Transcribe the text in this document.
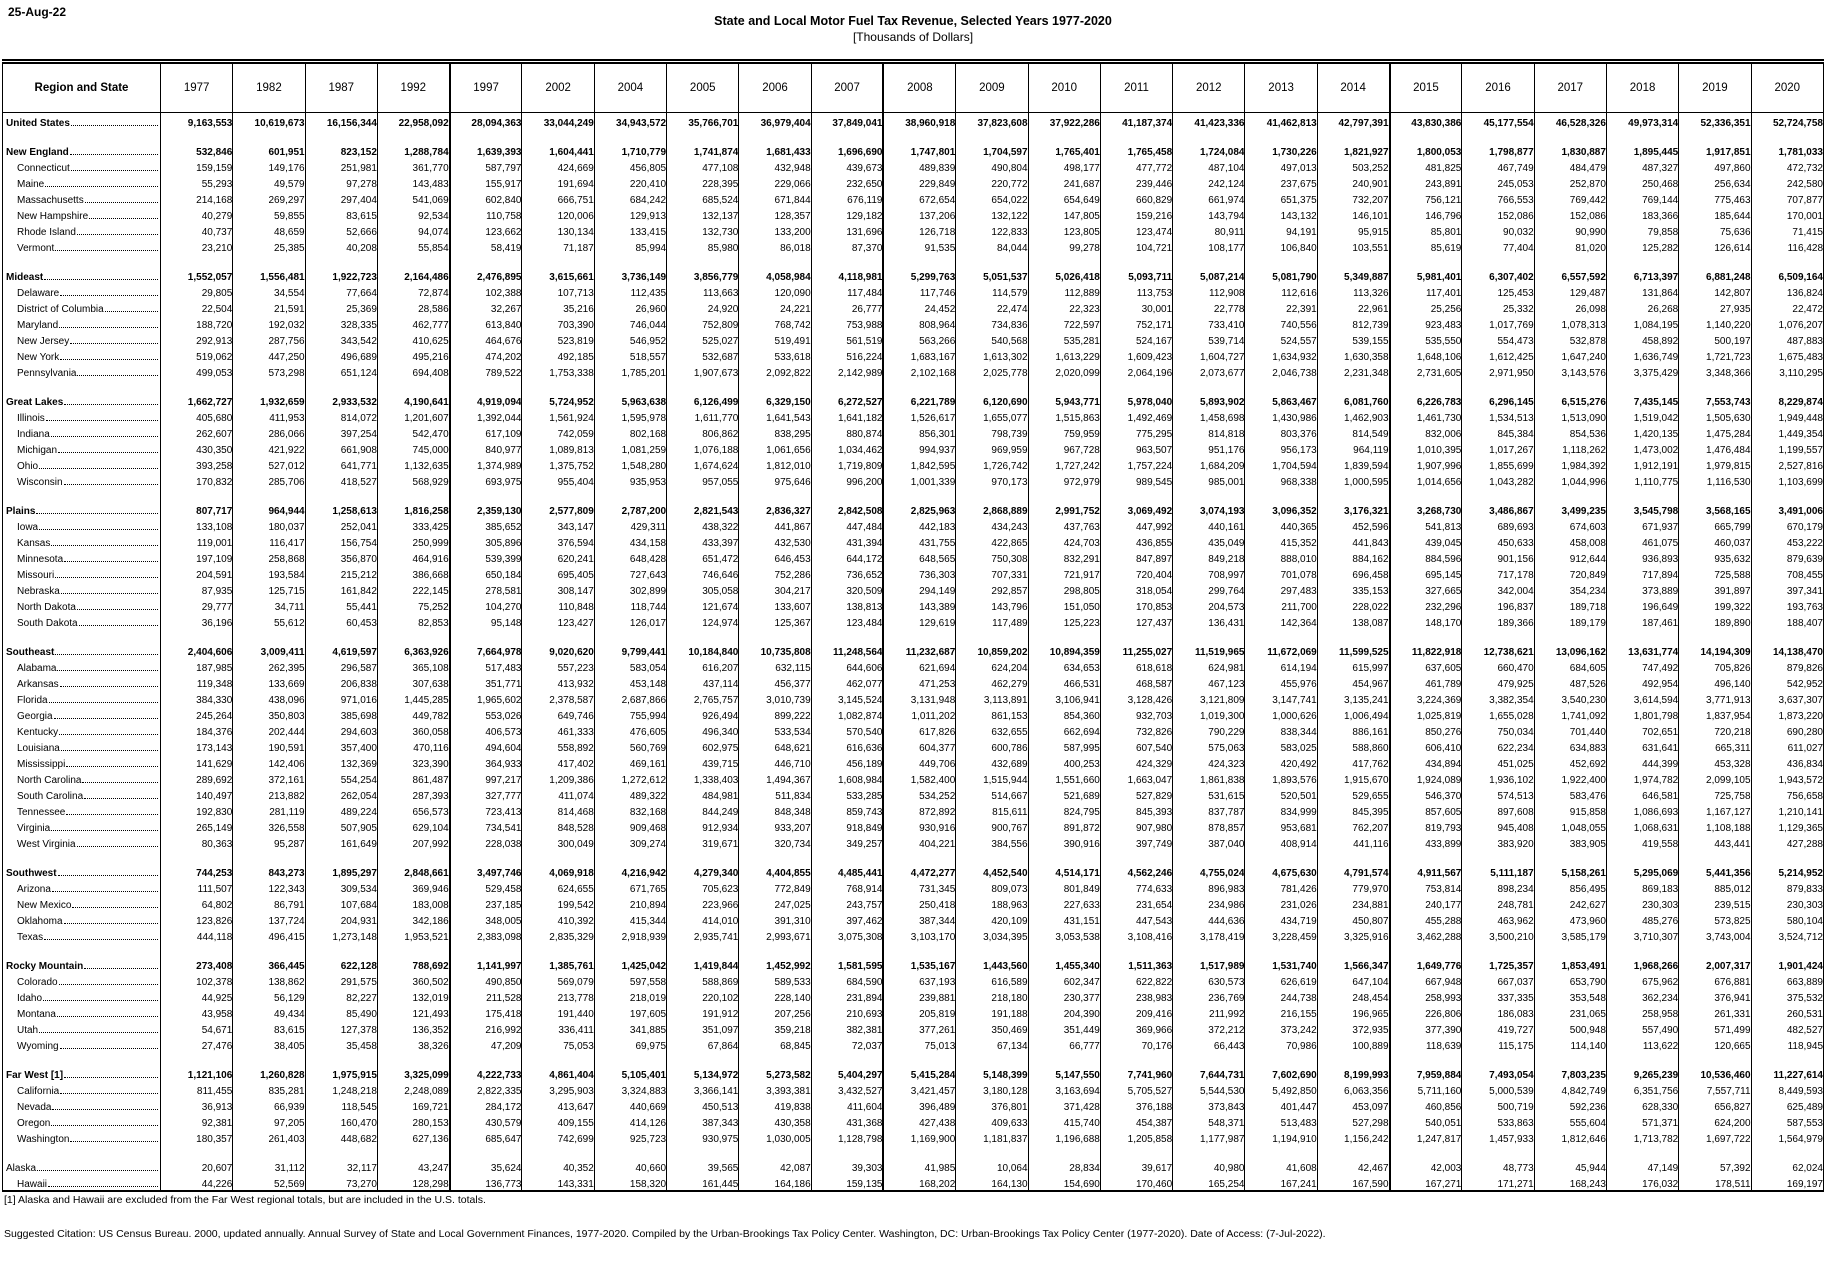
25-Aug-22
State and Local Motor Fuel Tax Revenue, Selected Years 1977-2020
[Thousands of Dollars]
Region and State	1977	1982	1987	1992	1997	2002	2004	2005	2006	2007	2008	2009	2010	2011	2012	2013	2014	2015	2016	2017	2018	2019	2020

United States	9,163,553	10,619,673	16,156,344	22,958,092	28,094,363	33,044,249	34,943,572	35,766,701	36,979,404	37,849,041	38,960,918	37,823,608	37,922,286	41,187,374	41,423,336	41,462,813	42,797,391	43,830,386	45,177,554	46,528,326	49,973,314	52,336,351	52,724,758

New England	532,846	601,951	823,152	1,288,784	1,639,393	1,604,441	1,710,779	1,741,874	1,681,433	1,696,690	1,747,801	1,704,597	1,765,401	1,765,458	1,724,084	1,730,226	1,821,927	1,800,053	1,798,877	1,830,887	1,895,445	1,917,851	1,781,033

Connecticut	159,159	149,176	251,981	361,770	587,797	424,669	456,805	477,108	432,948	439,673	489,839	490,804	498,177	477,772	487,104	497,013	503,252	481,825	467,749	484,479	487,327	497,860	472,732

Maine	55,293	49,579	97,278	143,483	155,917	191,694	220,410	228,395	229,066	232,650	229,849	220,772	241,687	239,446	242,124	237,675	240,901	243,891	245,053	252,870	250,468	256,634	242,580

Massachusetts	214,168	269,297	297,404	541,069	602,840	666,751	684,242	685,524	671,844	676,119	672,654	654,022	654,649	660,829	661,974	651,375	732,207	756,121	766,553	769,442	769,144	775,463	707,877

New Hampshire	40,279	59,855	83,615	92,534	110,758	120,006	129,913	132,137	128,357	129,182	137,206	132,122	147,805	159,216	143,794	143,132	146,101	146,796	152,086	152,086	183,366	185,644	170,001

Rhode Island	40,737	48,659	52,666	94,074	123,662	130,134	133,415	132,730	133,200	131,696	126,718	122,833	123,805	123,474	80,911	94,191	95,915	85,801	90,032	90,990	79,858	75,636	71,415

Vermont	23,210	25,385	40,208	55,854	58,419	71,187	85,994	85,980	86,018	87,370	91,535	84,044	99,278	104,721	108,177	106,840	103,551	85,619	77,404	81,020	125,282	126,614	116,428

Mideast	1,552,057	1,556,481	1,922,723	2,164,486	2,476,895	3,615,661	3,736,149	3,856,779	4,058,984	4,118,981	5,299,763	5,051,537	5,026,418	5,093,711	5,087,214	5,081,790	5,349,887	5,981,401	6,307,402	6,557,592	6,713,397	6,881,248	6,509,164

Delaware	29,805	34,554	77,664	72,874	102,388	107,713	112,435	113,663	120,090	117,484	117,746	114,579	112,889	113,753	112,908	112,616	113,326	117,401	125,453	129,487	131,864	142,807	136,824

District of Columbia	22,504	21,591	25,369	28,586	32,267	35,216	26,960	24,920	24,221	26,777	24,452	22,474	22,323	30,001	22,778	22,391	22,961	25,256	25,332	26,098	26,268	27,935	22,472

Maryland	188,720	192,032	328,335	462,777	613,840	703,390	746,044	752,809	768,742	753,988	808,964	734,836	722,597	752,171	733,410	740,556	812,739	923,483	1,017,769	1,078,313	1,084,195	1,140,220	1,076,207

New Jersey	292,913	287,756	343,542	410,625	464,676	523,819	546,952	525,027	519,491	561,519	563,266	540,568	535,281	524,167	539,714	524,557	539,155	535,550	554,473	532,878	458,892	500,197	487,883

New York	519,062	447,250	496,689	495,216	474,202	492,185	518,557	532,687	533,618	516,224	1,683,167	1,613,302	1,613,229	1,609,423	1,604,727	1,634,932	1,630,358	1,648,106	1,612,425	1,647,240	1,636,749	1,721,723	1,675,483

Pennsylvania	499,053	573,298	651,124	694,408	789,522	1,753,338	1,785,201	1,907,673	2,092,822	2,142,989	2,102,168	2,025,778	2,020,099	2,064,196	2,073,677	2,046,738	2,231,348	2,731,605	2,971,950	3,143,576	3,375,429	3,348,366	3,110,295

Great Lakes	1,662,727	1,932,659	2,933,532	4,190,641	4,919,094	5,724,952	5,963,638	6,126,499	6,329,150	6,272,527	6,221,789	6,120,690	5,943,771	5,978,040	5,893,902	5,863,467	6,081,760	6,226,783	6,296,145	6,515,276	7,435,145	7,553,743	8,229,874

Illinois	405,680	411,953	814,072	1,201,607	1,392,044	1,561,924	1,595,978	1,611,770	1,641,543	1,641,182	1,526,617	1,655,077	1,515,863	1,492,469	1,458,698	1,430,986	1,462,903	1,461,730	1,534,513	1,513,090	1,519,042	1,505,630	1,949,448

Indiana	262,607	286,066	397,254	542,470	617,109	742,059	802,168	806,862	838,295	880,874	856,301	798,739	759,959	775,295	814,818	803,376	814,549	832,006	845,384	854,536	1,420,135	1,475,284	1,449,354

Michigan	430,350	421,922	661,908	745,000	840,977	1,089,813	1,081,259	1,076,188	1,061,656	1,034,462	994,937	969,959	967,728	963,507	951,176	956,173	964,119	1,010,395	1,017,267	1,118,262	1,473,002	1,476,484	1,199,557

Ohio	393,258	527,012	641,771	1,132,635	1,374,989	1,375,752	1,548,280	1,674,624	1,812,010	1,719,809	1,842,595	1,726,742	1,727,242	1,757,224	1,684,209	1,704,594	1,839,594	1,907,996	1,855,699	1,984,392	1,912,191	1,979,815	2,527,816

Wisconsin	170,832	285,706	418,527	568,929	693,975	955,404	935,953	957,055	975,646	996,200	1,001,339	970,173	972,979	989,545	985,001	968,338	1,000,595	1,014,656	1,043,282	1,044,996	1,110,775	1,116,530	1,103,699

Plains	807,717	964,944	1,258,613	1,816,258	2,359,130	2,577,809	2,787,200	2,821,543	2,836,327	2,842,508	2,825,963	2,868,889	2,991,752	3,069,492	3,074,193	3,096,352	3,176,321	3,268,730	3,486,867	3,499,235	3,545,798	3,568,165	3,491,006

Iowa	133,108	180,037	252,041	333,425	385,652	343,147	429,311	438,322	441,867	447,484	442,183	434,243	437,763	447,992	440,161	440,365	452,596	541,813	689,693	674,603	671,937	665,799	670,179

Kansas	119,001	116,417	156,754	250,999	305,896	376,594	434,158	433,397	432,530	431,394	431,755	422,865	424,703	436,855	435,049	415,352	441,843	439,045	450,633	458,008	461,075	460,037	453,222

Minnesota	197,109	258,868	356,870	464,916	539,399	620,241	648,428	651,472	646,453	644,172	648,565	750,308	832,291	847,897	849,218	888,010	884,162	884,596	901,156	912,644	936,893	935,632	879,639

Missouri	204,591	193,584	215,212	386,668	650,184	695,405	727,643	746,646	752,286	736,652	736,303	707,331	721,917	720,404	708,997	701,078	696,458	695,145	717,178	720,849	717,894	725,588	708,455

Nebraska	87,935	125,715	161,842	222,145	278,581	308,147	302,899	305,058	304,217	320,509	294,149	292,857	298,805	318,054	299,764	297,483	335,153	327,665	342,004	354,234	373,889	391,897	397,341

North Dakota	29,777	34,711	55,441	75,252	104,270	110,848	118,744	121,674	133,607	138,813	143,389	143,796	151,050	170,853	204,573	211,700	228,022	232,296	196,837	189,718	196,649	199,322	193,763

South Dakota	36,196	55,612	60,453	82,853	95,148	123,427	126,017	124,974	125,367	123,484	129,619	117,489	125,223	127,437	136,431	142,364	138,087	148,170	189,366	189,179	187,461	189,890	188,407

Southeast	2,404,606	3,009,411	4,619,597	6,363,926	7,664,978	9,020,620	9,799,441	10,184,840	10,735,808	11,248,564	11,232,687	10,859,202	10,894,359	11,255,027	11,519,965	11,672,069	11,599,525	11,822,918	12,738,621	13,096,162	13,631,774	14,194,309	14,138,470

Alabama	187,985	262,395	296,587	365,108	517,483	557,223	583,054	616,207	632,115	644,606	621,694	624,204	634,653	618,618	624,981	614,194	615,997	637,605	660,470	684,605	747,492	705,826	879,826

Arkansas	119,348	133,669	206,838	307,638	351,771	413,932	453,148	437,114	456,377	462,077	471,253	462,279	466,531	468,587	467,123	455,976	454,967	461,789	479,925	487,526	492,954	496,140	542,952

Florida	384,330	438,096	971,016	1,445,285	1,965,602	2,378,587	2,687,866	2,765,757	3,010,739	3,145,524	3,131,948	3,113,891	3,106,941	3,128,426	3,121,809	3,147,741	3,135,241	3,224,369	3,382,354	3,540,230	3,614,594	3,771,913	3,637,307

Georgia	245,264	350,803	385,698	449,782	553,026	649,746	755,994	926,494	899,222	1,082,874	1,011,202	861,153	854,360	932,703	1,019,300	1,000,626	1,006,494	1,025,819	1,655,028	1,741,092	1,801,798	1,837,954	1,873,220

Kentucky	184,376	202,444	294,603	360,058	406,573	461,333	476,605	496,340	533,534	570,540	617,826	632,655	662,694	732,826	790,229	838,344	886,161	850,276	750,034	701,440	702,651	720,218	690,280

Louisiana	173,143	190,591	357,400	470,116	494,604	558,892	560,769	602,975	648,621	616,636	604,377	600,786	587,995	607,540	575,063	583,025	588,860	606,410	622,234	634,883	631,641	665,311	611,027

Mississippi	141,629	142,406	132,369	323,390	364,933	417,402	469,161	439,715	446,710	456,189	449,706	432,689	400,253	424,329	424,323	420,492	417,762	434,894	451,025	452,692	444,399	453,328	436,834

North Carolina	289,692	372,161	554,254	861,487	997,217	1,209,386	1,272,612	1,338,403	1,494,367	1,608,984	1,582,400	1,515,944	1,551,660	1,663,047	1,861,838	1,893,576	1,915,670	1,924,089	1,936,102	1,922,400	1,974,782	2,099,105	1,943,572

South Carolina	140,497	213,882	262,054	287,393	327,777	411,074	489,322	484,981	511,834	533,285	534,252	514,667	521,689	527,829	531,615	520,501	529,655	546,370	574,513	583,476	646,581	725,758	756,658

Tennessee	192,830	281,119	489,224	656,573	723,413	814,468	832,168	844,249	848,348	859,743	872,892	815,611	824,795	845,393	837,787	834,999	845,395	857,605	897,608	915,858	1,086,693	1,167,127	1,210,141

Virginia	265,149	326,558	507,905	629,104	734,541	848,528	909,468	912,934	933,207	918,849	930,916	900,767	891,872	907,980	878,857	953,681	762,207	819,793	945,408	1,048,055	1,068,631	1,108,188	1,129,365

West Virginia	80,363	95,287	161,649	207,992	228,038	300,049	309,274	319,671	320,734	349,257	404,221	384,556	390,916	397,749	387,040	408,914	441,116	433,899	383,920	383,905	419,558	443,441	427,288

Southwest	744,253	843,273	1,895,297	2,848,661	3,497,746	4,069,918	4,216,942	4,279,340	4,404,855	4,485,441	4,472,277	4,452,540	4,514,171	4,562,246	4,755,024	4,675,630	4,791,574	4,911,567	5,111,187	5,158,261	5,295,069	5,441,356	5,214,952

Arizona	111,507	122,343	309,534	369,946	529,458	624,655	671,765	705,623	772,849	768,914	731,345	809,073	801,849	774,633	896,983	781,426	779,970	753,814	898,234	856,495	869,183	885,012	879,833

New Mexico	64,802	86,791	107,684	183,008	237,185	199,542	210,894	223,966	247,025	243,757	250,418	188,963	227,633	231,654	234,986	231,026	234,881	240,177	248,781	242,627	230,303	239,515	230,303

Oklahoma	123,826	137,724	204,931	342,186	348,005	410,392	415,344	414,010	391,310	397,462	387,344	420,109	431,151	447,543	444,636	434,719	450,807	455,288	463,962	473,960	485,276	573,825	580,104

Texas	444,118	496,415	1,273,148	1,953,521	2,383,098	2,835,329	2,918,939	2,935,741	2,993,671	3,075,308	3,103,170	3,034,395	3,053,538	3,108,416	3,178,419	3,228,459	3,325,916	3,462,288	3,500,210	3,585,179	3,710,307	3,743,004	3,524,712

Rocky Mountain	273,408	366,445	622,128	788,692	1,141,997	1,385,761	1,425,042	1,419,844	1,452,992	1,581,595	1,535,167	1,443,560	1,455,340	1,511,363	1,517,989	1,531,740	1,566,347	1,649,776	1,725,357	1,853,491	1,968,266	2,007,317	1,901,424

Colorado	102,378	138,862	291,575	360,502	490,850	569,079	597,558	588,869	589,533	684,590	637,193	616,589	602,347	622,822	630,573	626,619	647,104	667,948	667,037	653,790	675,962	676,881	663,889

Idaho	44,925	56,129	82,227	132,019	211,528	213,778	218,019	220,102	228,140	231,894	239,881	218,180	230,377	238,983	236,769	244,738	248,454	258,993	337,335	353,548	362,234	376,941	375,532

Montana	43,958	49,434	85,490	121,493	175,418	191,440	197,605	191,912	207,256	210,693	205,819	191,188	204,390	209,416	211,992	216,155	196,965	226,806	186,083	231,065	258,958	261,331	260,531

Utah	54,671	83,615	127,378	136,352	216,992	336,411	341,885	351,097	359,218	382,381	377,261	350,469	351,449	369,966	372,212	373,242	372,935	377,390	419,727	500,948	557,490	571,499	482,527

Wyoming	27,476	38,405	35,458	38,326	47,209	75,053	69,975	67,864	68,845	72,037	75,013	67,134	66,777	70,176	66,443	70,986	100,889	118,639	115,175	114,140	113,622	120,665	118,945

Far West [1]	1,121,106	1,260,828	1,975,915	3,325,099	4,222,733	4,861,404	5,105,401	5,134,972	5,273,582	5,404,297	5,415,284	5,148,399	5,147,550	7,741,960	7,644,731	7,602,690	8,199,993	7,959,884	7,493,054	7,803,235	9,265,239	10,536,460	11,227,614

California	811,455	835,281	1,248,218	2,248,089	2,822,335	3,295,903	3,324,883	3,366,141	3,393,381	3,432,527	3,421,457	3,180,128	3,163,694	5,705,527	5,544,530	5,492,850	6,063,356	5,711,160	5,000,539	4,842,749	6,351,756	7,557,711	8,449,593

Nevada	36,913	66,939	118,545	169,721	284,172	413,647	440,669	450,513	419,838	411,604	396,489	376,801	371,428	376,188	373,843	401,447	453,097	460,856	500,719	592,236	628,330	656,827	625,489

Oregon	92,381	97,205	160,470	280,153	430,579	409,155	414,126	387,343	430,358	431,368	427,438	409,633	415,740	454,387	548,371	513,483	527,298	540,051	533,863	555,604	571,371	624,200	587,553

Washington	180,357	261,403	448,682	627,136	685,647	742,699	925,723	930,975	1,030,005	1,128,798	1,169,900	1,181,837	1,196,688	1,205,858	1,177,987	1,194,910	1,156,242	1,247,817	1,457,933	1,812,646	1,713,782	1,697,722	1,564,979

Alaska	20,607	31,112	32,117	43,247	35,624	40,352	40,660	39,565	42,087	39,303	41,985	10,064	28,834	39,617	40,980	41,608	42,467	42,003	48,773	45,944	47,149	57,392	62,024

Hawaii	44,226	52,569	73,270	128,298	136,773	143,331	158,320	161,445	164,186	159,135	168,202	164,130	154,690	170,460	165,254	167,241	167,590	167,271	171,271	168,243	176,032	178,511	169,197
[1] Alaska and Hawaii are excluded from the Far West regional totals, but are included in the U.S. totals.
Suggested Citation: US Census Bureau. 2000, updated annually. Annual Survey of State and Local Government Finances, 1977-2020. Compiled by the Urban-Brookings Tax Policy Center. Washington, DC: Urban-Brookings Tax Policy Center (1977-2020). Date of Access: (7-Jul-2022).
